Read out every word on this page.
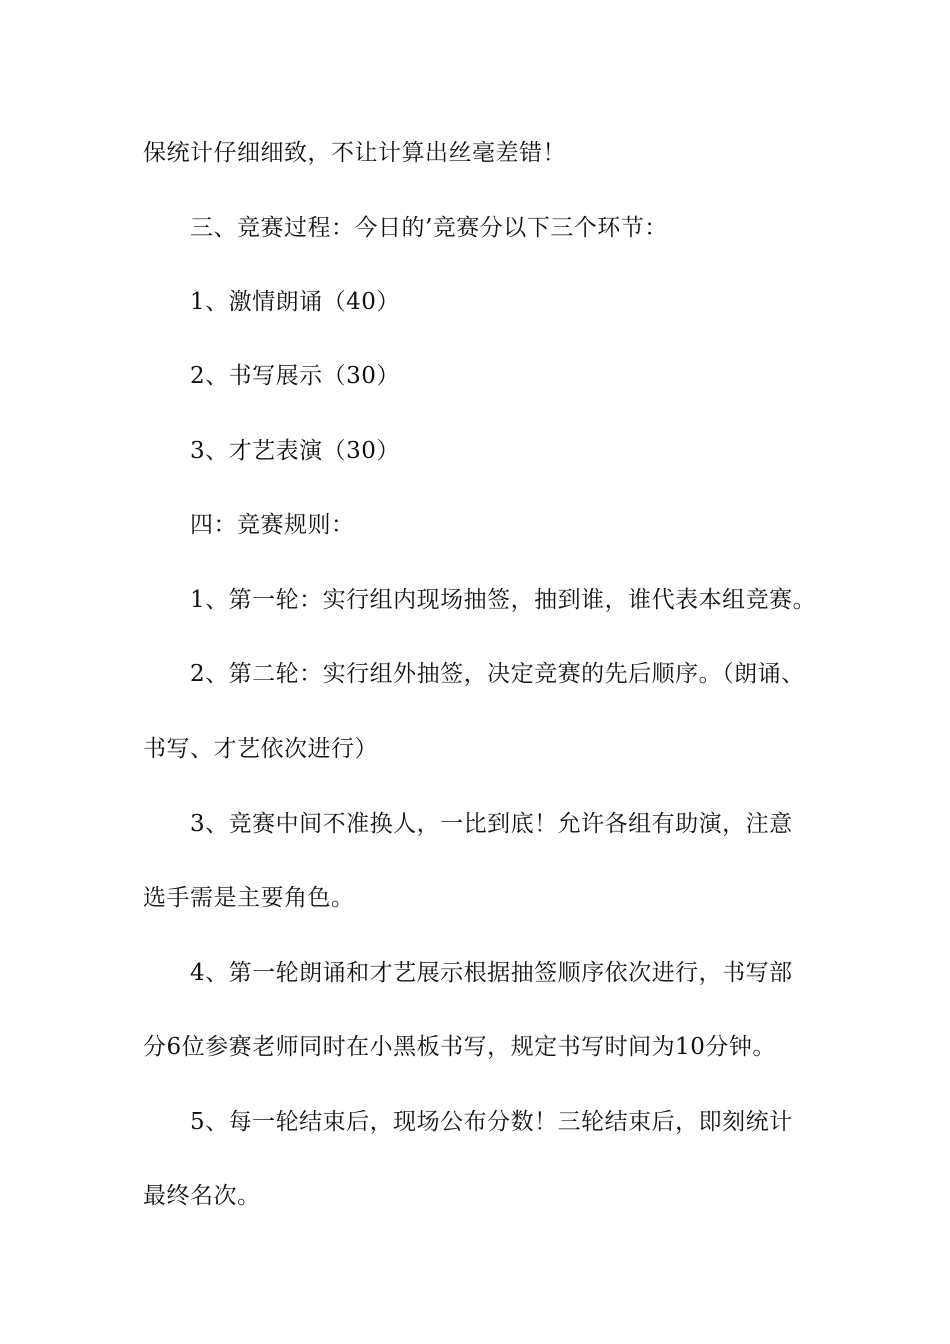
保统计仔细细致，不让计算出丝毫差错！
三、竞赛过程：今日的’竞赛分以下三个环节：
1、激情朗诵（40）
2、书写展示（30）
3、才艺表演（30）
四：竞赛规则：
1、第一轮：实行组内现场抽签，抽到谁，谁代表本组竞赛。
2、第二轮：实行组外抽签，决定竞赛的先后顺序。（朗诵、
书写、才艺依次进行）
3、竞赛中间不准换人，一比到底！允许各组有助演，注意
选手需是主要角色。
4、第一轮朗诵和才艺展示根据抽签顺序依次进行，书写部
分6位参赛老师同时在小黑板书写，规定书写时间为10分钟。
5、每一轮结束后，现场公布分数！三轮结束后，即刻统计
最终名次。
